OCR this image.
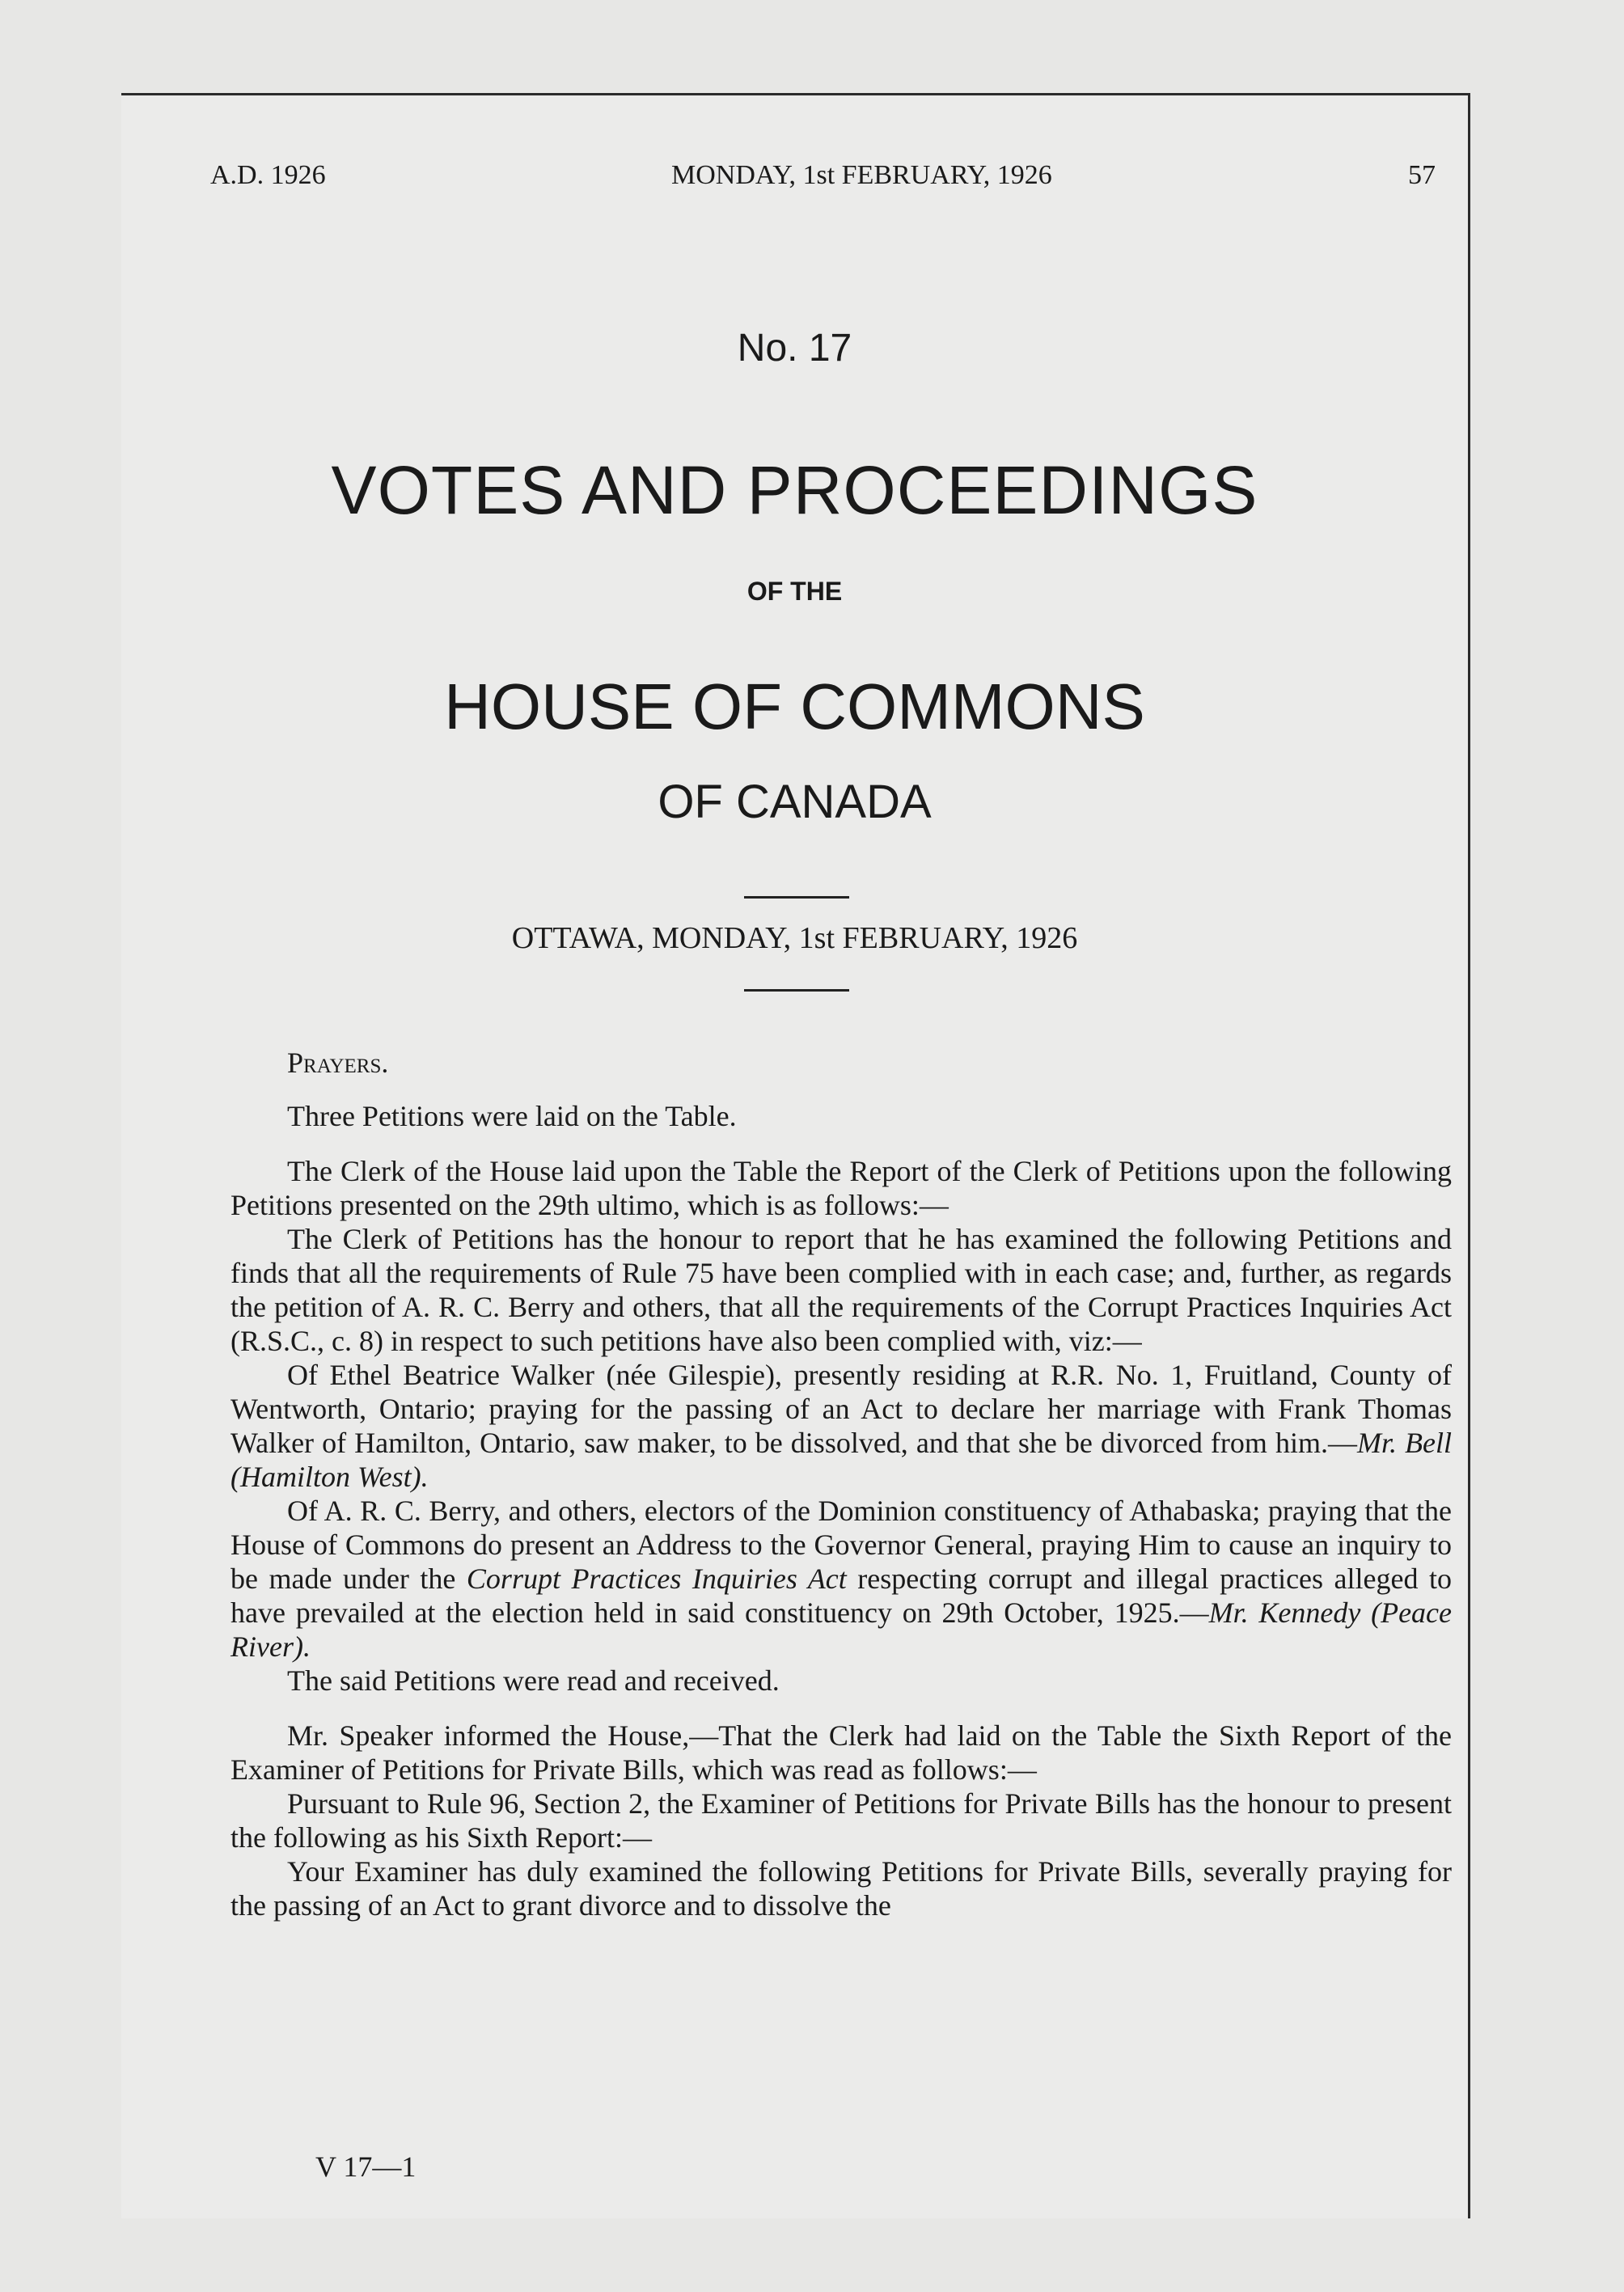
A.D. 1926	MONDAY, 1st FEBRUARY, 1926	57
No. 17
VOTES AND PROCEEDINGS
OF THE
HOUSE OF COMMONS
OF CANADA
OTTAWA, MONDAY, 1st FEBRUARY, 1926

Prayers.

Three Petitions were laid on the Table.

The Clerk of the House laid upon the Table the Report of the Clerk of Petitions upon the following Petitions presented on the 29th ultimo, which is as follows:—

The Clerk of Petitions has the honour to report that he has examined the following Petitions and finds that all the requirements of Rule 75 have been complied with in each case; and, further, as regards the petition of A. R. C. Berry and others, that all the requirements of the Corrupt Practices Inquiries Act (R.S.C., c. 8) in respect to such petitions have also been complied with, viz:—

Of Ethel Beatrice Walker (née Gilespie), presently residing at R.R. No. 1, Fruitland, County of Wentworth, Ontario; praying for the passing of an Act to declare her marriage with Frank Thomas Walker of Hamilton, Ontario, saw maker, to be dissolved, and that she be divorced from him.—Mr. Bell (Hamilton West).

Of A. R. C. Berry, and others, electors of the Dominion constituency of Athabaska; praying that the House of Commons do present an Address to the Governor General, praying Him to cause an inquiry to be made under the Corrupt Practices Inquiries Act respecting corrupt and illegal practices alleged to have prevailed at the election held in said constituency on 29th October, 1925.—Mr. Kennedy (Peace River).

The said Petitions were read and received.

Mr. Speaker informed the House,—That the Clerk had laid on the Table the Sixth Report of the Examiner of Petitions for Private Bills, which was read as follows:—

Pursuant to Rule 96, Section 2, the Examiner of Petitions for Private Bills has the honour to present the following as his Sixth Report:—

Your Examiner has duly examined the following Petitions for Private Bills, severally praying for the passing of an Act to grant divorce and to dissolve the

V 17—1
